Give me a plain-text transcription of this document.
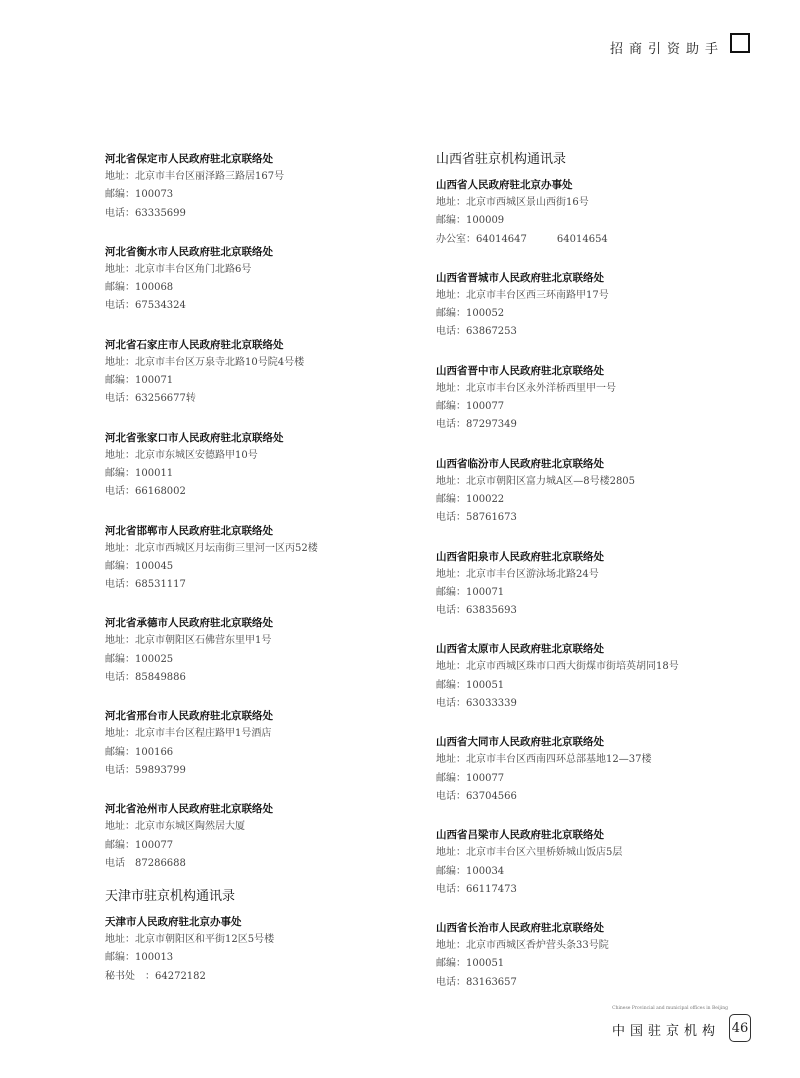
招商引资助手
河北省保定市人民政府驻北京联络处
地址：北京市丰台区丽泽路三路居167号
邮编：100073
电话：63335699
河北省衡水市人民政府驻北京联络处
地址：北京市丰台区角门北路6号
邮编：100068
电话：67534324
河北省石家庄市人民政府驻北京联络处
地址：北京市丰台区万泉寺北路10号院4号楼
邮编：100071
电话：63256677转
河北省张家口市人民政府驻北京联络处
地址：北京市东城区安德路甲10号
邮编：100011
电话：66168002
河北省邯郸市人民政府驻北京联络处
地址：北京市西城区月坛南街三里河一区丙52楼
邮编：100045
电话：68531117
河北省承德市人民政府驻北京联络处
地址：北京市朝阳区石佛营东里甲1号
邮编：100025
电话：85849886
河北省邢台市人民政府驻北京联络处
地址：北京市丰台区程庄路甲1号酒店
邮编：100166
电话：59893799
河北省沧州市人民政府驻北京联络处
地址：北京市东城区陶然居大厦
邮编：100077
电话　87286688
天津市驻京机构通讯录
天津市人民政府驻北京办事处
地址：北京市朝阳区和平街12区5号楼
邮编：100013
秘书处　：64272182
山西省驻京机构通讯录
山西省人民政府驻北京办事处
地址：北京市西城区景山西街16号
邮编：100009
办公室：64014647　　　64014654
山西省晋城市人民政府驻北京联络处
地址：北京市丰台区西三环南路甲17号
邮编：100052
电话：63867253
山西省晋中市人民政府驻北京联络处
地址：北京市丰台区永外洋桥西里甲一号
邮编：100077
电话：87297349
山西省临汾市人民政府驻北京联络处
地址：北京市朝阳区富力城A区—8号楼2805
邮编：100022
电话：58761673
山西省阳泉市人民政府驻北京联络处
地址：北京市丰台区游泳场北路24号
邮编：100071
电话：63835693
山西省太原市人民政府驻北京联络处
地址：北京市西城区珠市口西大街煤市街培英胡同18号
邮编：100051
电话：63033339
山西省大同市人民政府驻北京联络处
地址：北京市丰台区西南四环总部基地12—37楼
邮编：100077
电话：63704566
山西省吕梁市人民政府驻北京联络处
地址：北京市丰台区六里桥娇城山饭店5层
邮编：100034
电话：66117473
山西省长治市人民政府驻北京联络处
地址：北京市西城区香炉营头条33号院
邮编：100051
电话：83163657
Chinese Provincial and municipal offices in Beijing
中国驻京机构 46
